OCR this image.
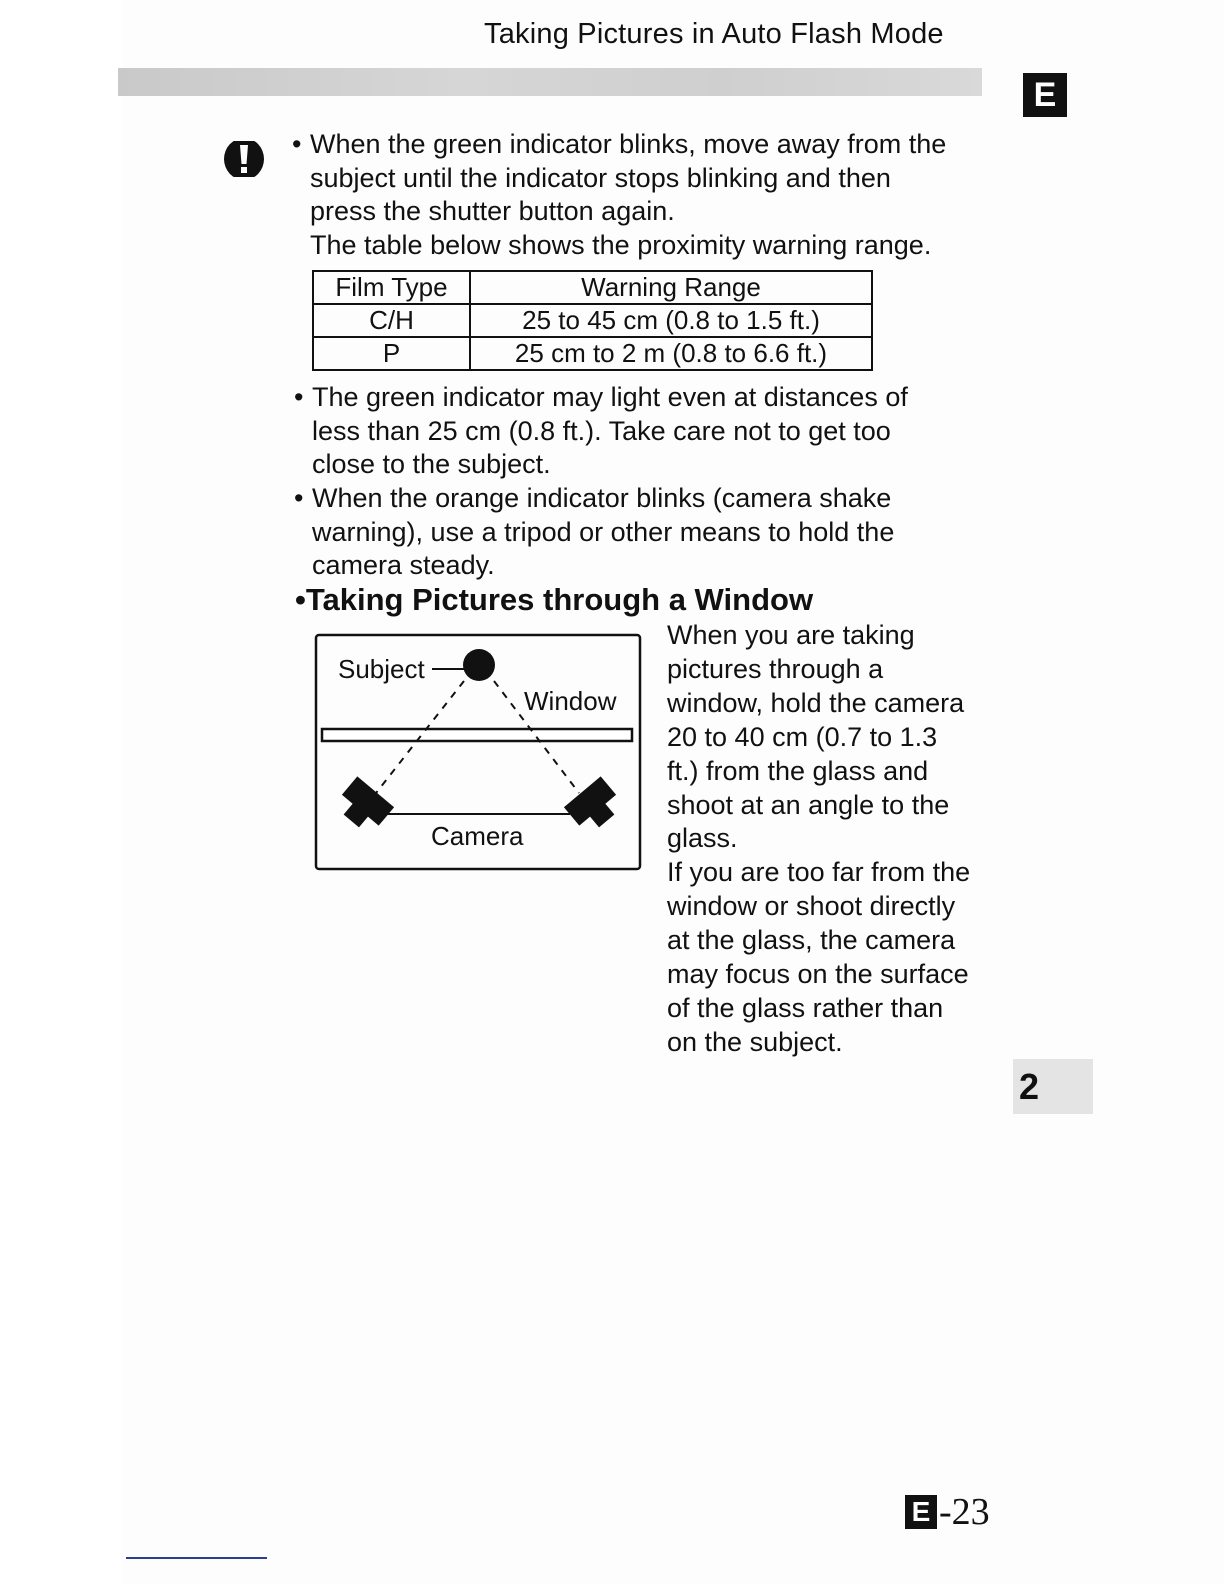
Taking Pictures in Auto Flash Mode
E
• When the green indicator blinks, move away from the
subject until the indicator stops blinking and then
press the shutter button again.
The table below shows the proximity warning range.
Film Type	Warning Range
C/H	25 to 45 cm (0.8 to 1.5 ft.)
P	25 cm to 2 m (0.8 to 6.6 ft.)
• The green indicator may light even at distances of
less than 25 cm (0.8 ft.). Take care not to get too
close to the subject.
• When the orange indicator blinks (camera shake
warning), use a tripod or other means to hold the
camera steady.
•Taking Pictures through a Window
Subject
Window
Camera
When you are taking
pictures through a
window, hold the camera
20 to 40 cm (0.7 to 1.3
ft.) from the glass and
shoot at an angle to the
glass.
If you are too far from the
window or shoot directly
at the glass, the camera
may focus on the surface
of the glass rather than
on the subject.
2
E -23
